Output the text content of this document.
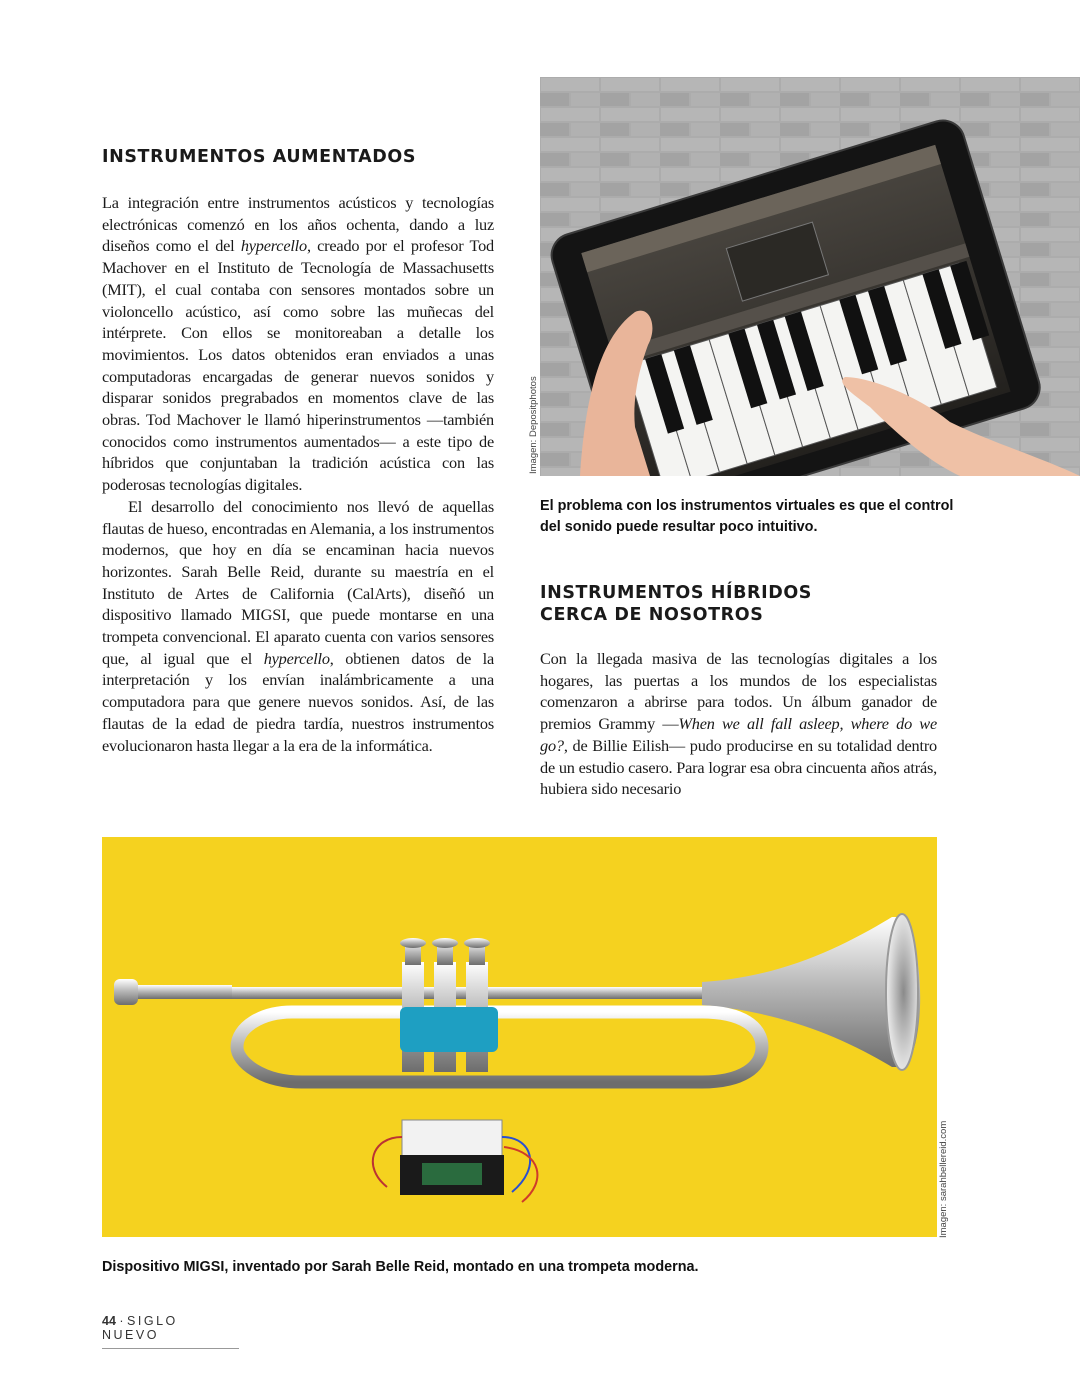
INSTRUMENTOS AUMENTADOS

La integración entre instrumentos acústicos y tecnologías electrónicas comenzó en los años ochenta, dando a luz diseños como el del hypercello, creado por el profesor Tod Machover en el Instituto de Tecnología de Massachusetts (MIT), el cual contaba con sensores montados sobre un violoncello acústico, así como sobre las muñecas del intérprete. Con ellos se monitoreaban a detalle los movimientos. Los datos obtenidos eran enviados a unas computadoras encargadas de generar nuevos sonidos y disparar sonidos pregrabados en momentos clave de las obras. Tod Machover le llamó hiperinstrumentos —también conocidos como instrumentos aumentados— a este tipo de híbridos que conjuntaban la tradición acústica con las poderosas tecnologías digitales.

El desarrollo del conocimiento nos llevó de aquellas flautas de hueso, encontradas en Alemania, a los instrumentos modernos, que hoy en día se encaminan hacia nuevos horizontes. Sarah Belle Reid, durante su maestría en el Instituto de Artes de California (CalArts), diseñó un dispositivo llamado MIGSI, que puede montarse en una trompeta convencional. El aparato cuenta con varios sensores que, al igual que el hypercello, obtienen datos de la interpretación y los envían inalámbricamente a una computadora para que genere nuevos sonidos. Así, de las flautas de la edad de piedra tardía, nuestros instrumentos evolucionaron hasta llegar a la era de la informática.

Imagen: Depositphotos

El problema con los instrumentos virtuales es que el control del sonido puede resultar poco intuitivo.

INSTRUMENTOS HÍBRIDOS
CERCA DE NOSOTROS

Con la llegada masiva de las tecnologías digitales a los hogares, las puertas a los mundos de los especialistas comenzaron a abrirse para todos. Un álbum ganador de premios Grammy —When we all fall asleep, where do we go?, de Billie Eilish— pudo producirse en su totalidad dentro de un estudio casero. Para lograr esa obra cincuenta años atrás, hubiera sido necesario

Imagen: sarahbellereid.com

Dispositivo MIGSI, inventado por Sarah Belle Reid, montado en una trompeta moderna.

44 · SIGLO NUEVO
